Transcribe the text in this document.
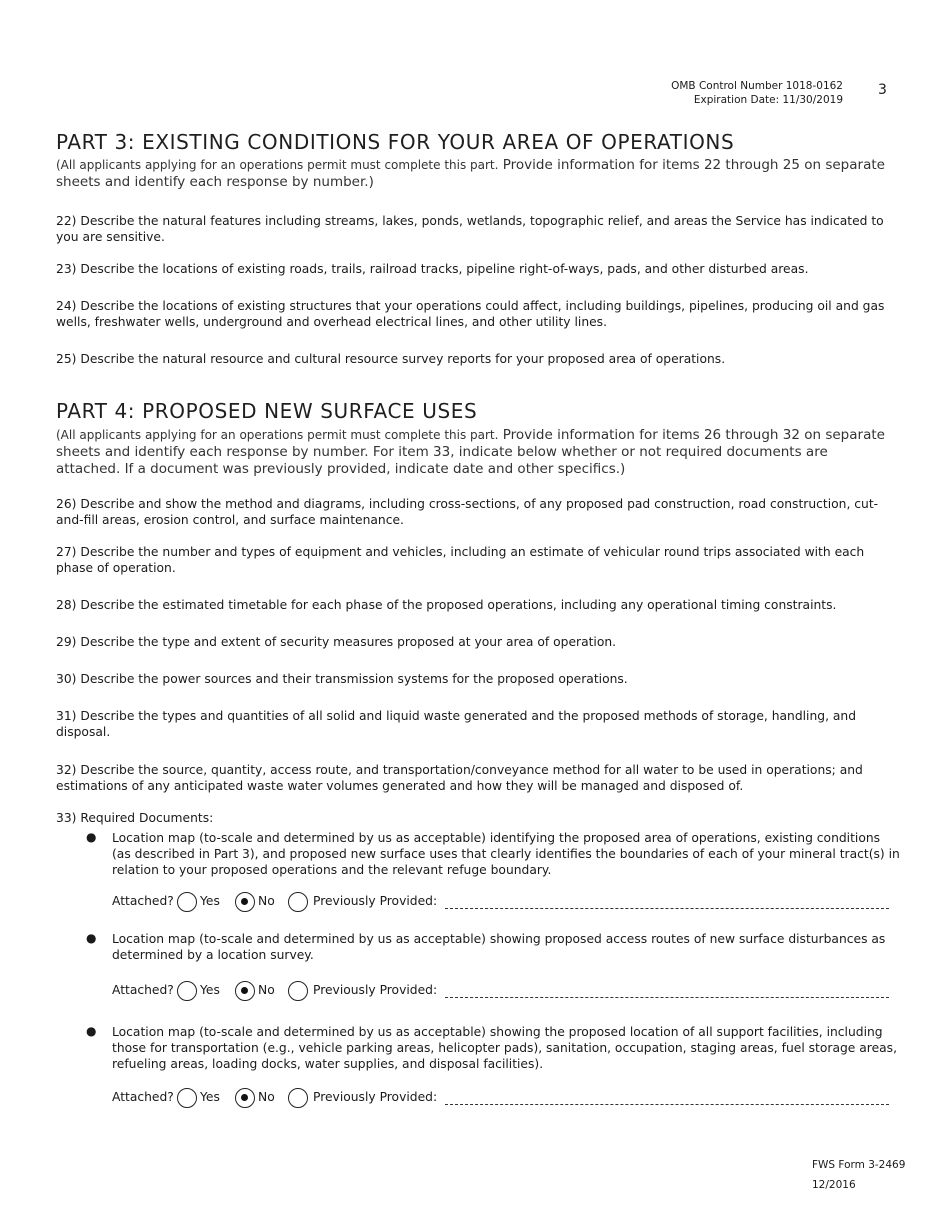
OMB Control Number 1018-0162
Expiration Date: 11/30/2019
3
PART 3: EXISTING CONDITIONS FOR YOUR AREA OF OPERATIONS
(All applicants applying for an operations permit must complete this part. Provide information for items 22 through 25 on separate sheets and identify each response by number.)
22) Describe the natural features including streams, lakes, ponds, wetlands, topographic relief, and areas the Service has indicated to you are sensitive.
23) Describe the locations of existing roads, trails, railroad tracks, pipeline right-of-ways, pads, and other disturbed areas.
24) Describe the locations of existing structures that your operations could affect, including buildings, pipelines, producing oil and gas wells, freshwater wells, underground and overhead electrical lines, and other utility lines.
25) Describe the natural resource and cultural resource survey reports for your proposed area of operations.
PART 4: PROPOSED NEW SURFACE USES
(All applicants applying for an operations permit must complete this part. Provide information for items 26 through 32 on separate sheets and identify each response by number. For item 33, indicate below whether or not required documents are attached. If a document was previously provided, indicate date and other specifics.)
26) Describe and show the method and diagrams, including cross-sections, of any proposed pad construction, road construction, cut-and-fill areas, erosion control, and surface maintenance.
27) Describe the number and types of equipment and vehicles, including an estimate of vehicular round trips associated with each phase of operation.
28) Describe the estimated timetable for each phase of the proposed operations, including any operational timing constraints.
29) Describe the type and extent of security measures proposed at your area of operation.
30) Describe the power sources and their transmission systems for the proposed operations.
31) Describe the types and quantities of all solid and liquid waste generated and the proposed methods of storage, handling, and disposal.
32) Describe the source, quantity, access route, and transportation/conveyance method for all water to be used in operations; and estimations of any anticipated waste water volumes generated and how they will be managed and disposed of.
33) Required Documents:
● Location map (to-scale and determined by us as acceptable) identifying the proposed area of operations, existing conditions (as described in Part 3), and proposed new surface uses that clearly identifies the boundaries of each of your mineral tract(s) in relation to your proposed operations and the relevant refuge boundary.
Attached? Yes	No	Previously Provided:
● Location map (to-scale and determined by us as acceptable) showing proposed access routes of new surface disturbances as determined by a location survey.
Attached? Yes	No	Previously Provided:
● Location map (to-scale and determined by us as acceptable) showing the proposed location of all support facilities, including those for transportation (e.g., vehicle parking areas, helicopter pads), sanitation, occupation, staging areas, fuel storage areas, refueling areas, loading docks, water supplies, and disposal facilities).
Attached? Yes	No	Previously Provided:
FWS Form 3-2469
12/2016
